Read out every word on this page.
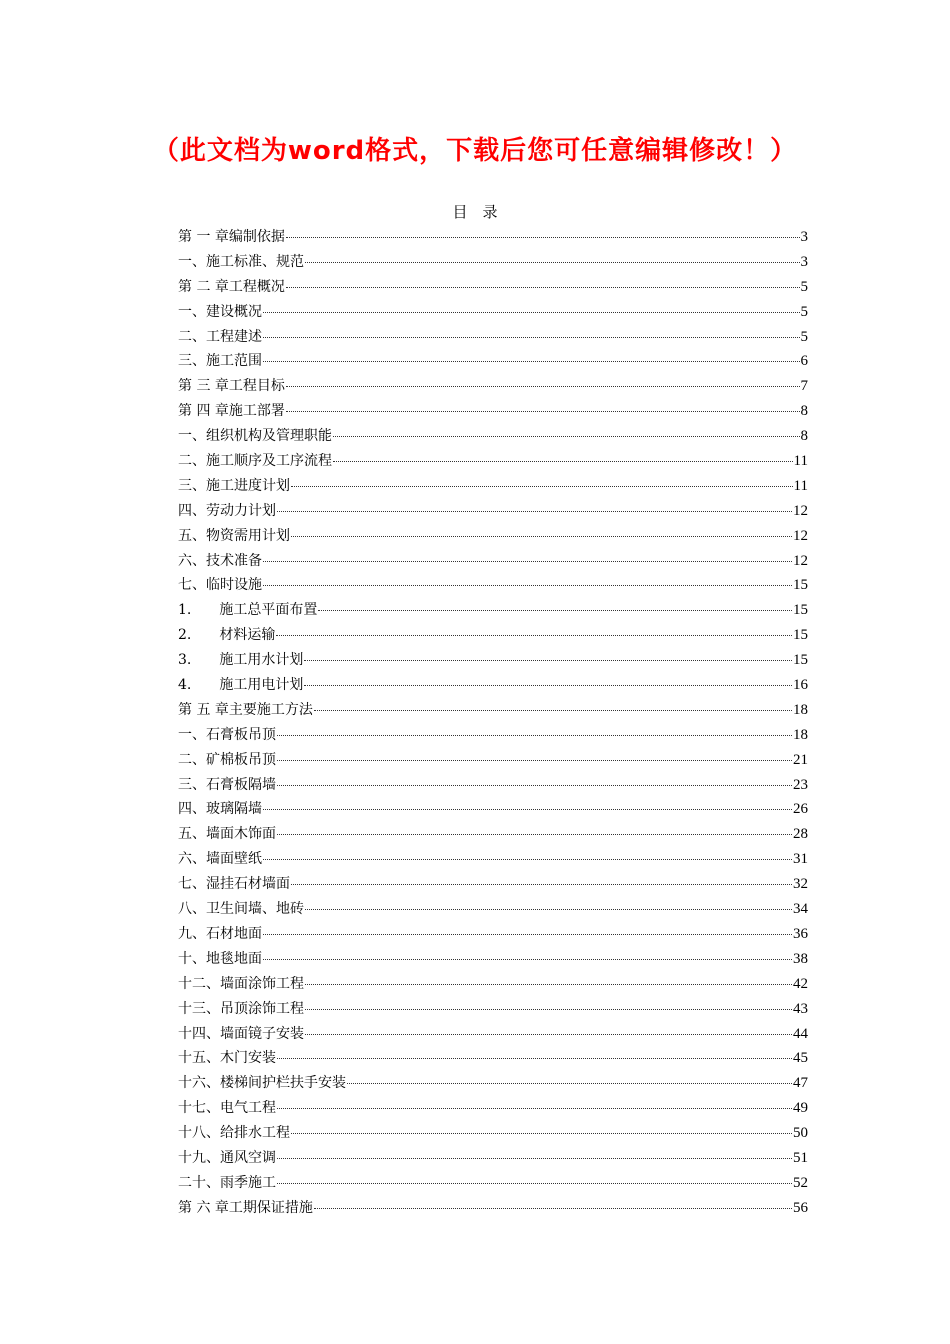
（此文档为word格式，下载后您可任意编辑修改！）
目　录
第 一 章编制依据	3
一、施工标准、规范	3
第 二 章工程概况	5
一、建设概况	5
二、工程建述	5
三、施工范围	6
第 三 章工程目标	7
第 四 章施工部署	8
一、组织机构及管理职能	8
二、施工顺序及工序流程	11
三、施工进度计划	11
四、劳动力计划	12
五、物资需用计划	12
六、技术准备	12
七、临时设施	15
1.　　施工总平面布置	15
2.　　材料运输	15
3.　　施工用水计划	15
4.　　施工用电计划	16
第 五 章主要施工方法	18
一、石膏板吊顶	18
二、矿棉板吊顶	21
三、石膏板隔墙	23
四、玻璃隔墙	26
五、墙面木饰面	28
六、墙面壁纸	31
七、湿挂石材墙面	32
八、卫生间墙、地砖	34
九、石材地面	36
十、地毯地面	38
十二、墙面涂饰工程	42
十三、吊顶涂饰工程	43
十四、墙面镜子安装	44
十五、木门安装	45
十六、楼梯间护栏扶手安装	47
十七、电气工程	49
十八、给排水工程	50
十九、通风空调	51
二十、雨季施工	52
第 六 章工期保证措施	56
